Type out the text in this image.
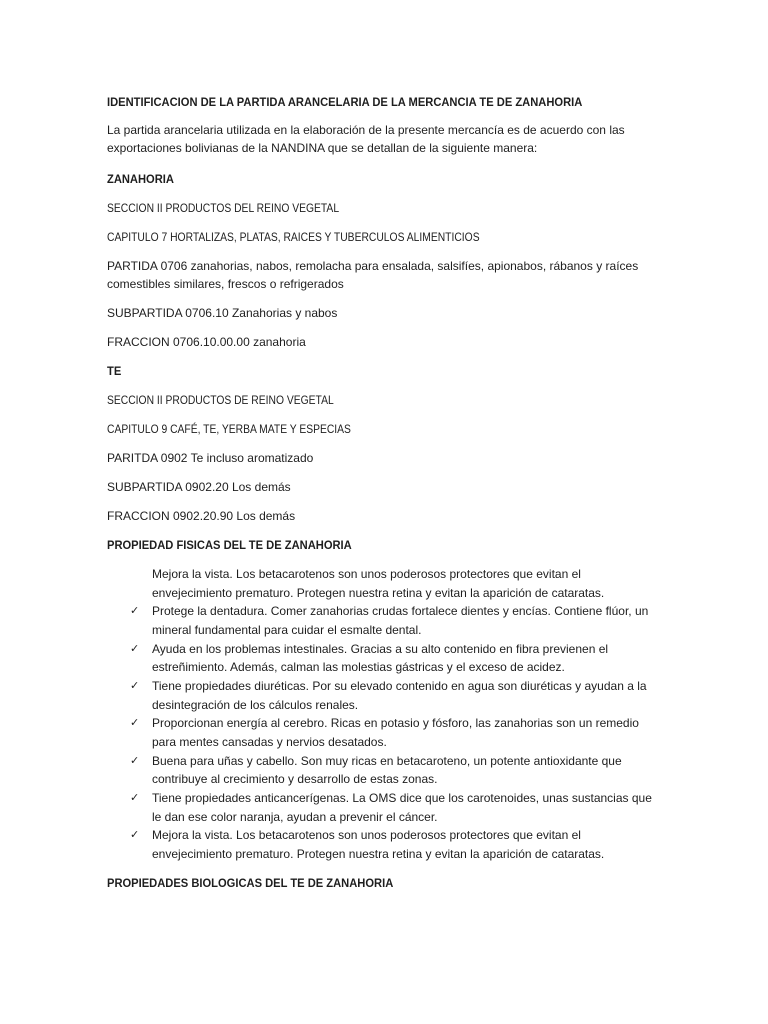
IDENTIFICACION DE LA PARTIDA ARANCELARIA DE LA MERCANCIA TE DE ZANAHORIA
La partida arancelaria utilizada en la elaboración de la presente mercancía es de acuerdo con las
exportaciones bolivianas de la NANDINA que se detallan de la siguiente manera:
ZANAHORIA
SECCION II PRODUCTOS DEL REINO VEGETAL
CAPITULO 7 HORTALIZAS, PLATAS, RAICES Y TUBERCULOS ALIMENTICIOS
PARTIDA 0706 zanahorias, nabos, remolacha para ensalada, salsifíes, apionabos, rábanos y raíces
comestibles similares, frescos o refrigerados
SUBPARTIDA 0706.10 Zanahorias y nabos
FRACCION 0706.10.00.00 zanahoria
TE
SECCION II PRODUCTOS DE REINO VEGETAL
CAPITULO 9 CAFÉ, TE, YERBA MATE Y ESPECIAS
PARITDA 0902 Te incluso aromatizado
SUBPARTIDA 0902.20 Los demás
FRACCION 0902.20.90 Los demás
PROPIEDAD FISICAS DEL TE DE ZANAHORIA
Mejora la vista. Los betacarotenos son unos poderosos protectores que evitan el
envejecimiento prematuro. Protegen nuestra retina y evitan la aparición de cataratas.
✓
Protege la dentadura. Comer zanahorias crudas fortalece dientes y encías. Contiene flúor, un
mineral fundamental para cuidar el esmalte dental.
✓
Ayuda en los problemas intestinales. Gracias a su alto contenido en fibra previenen el
estreñimiento. Además, calman las molestias gástricas y el exceso de acidez.
✓
Tiene propiedades diuréticas. Por su elevado contenido en agua son diuréticas y ayudan a la
desintegración de los cálculos renales.
✓
Proporcionan energía al cerebro. Ricas en potasio y fósforo, las zanahorias son un remedio
para mentes cansadas y nervios desatados.
✓
Buena para uñas y cabello. Son muy ricas en betacaroteno, un potente antioxidante que
contribuye al crecimiento y desarrollo de estas zonas.
✓
Tiene propiedades anticancerígenas. La OMS dice que los carotenoides, unas sustancias que
le dan ese color naranja, ayudan a prevenir el cáncer.
✓
Mejora la vista. Los betacarotenos son unos poderosos protectores que evitan el
envejecimiento prematuro. Protegen nuestra retina y evitan la aparición de cataratas.
PROPIEDADES BIOLOGICAS DEL TE DE ZANAHORIA
